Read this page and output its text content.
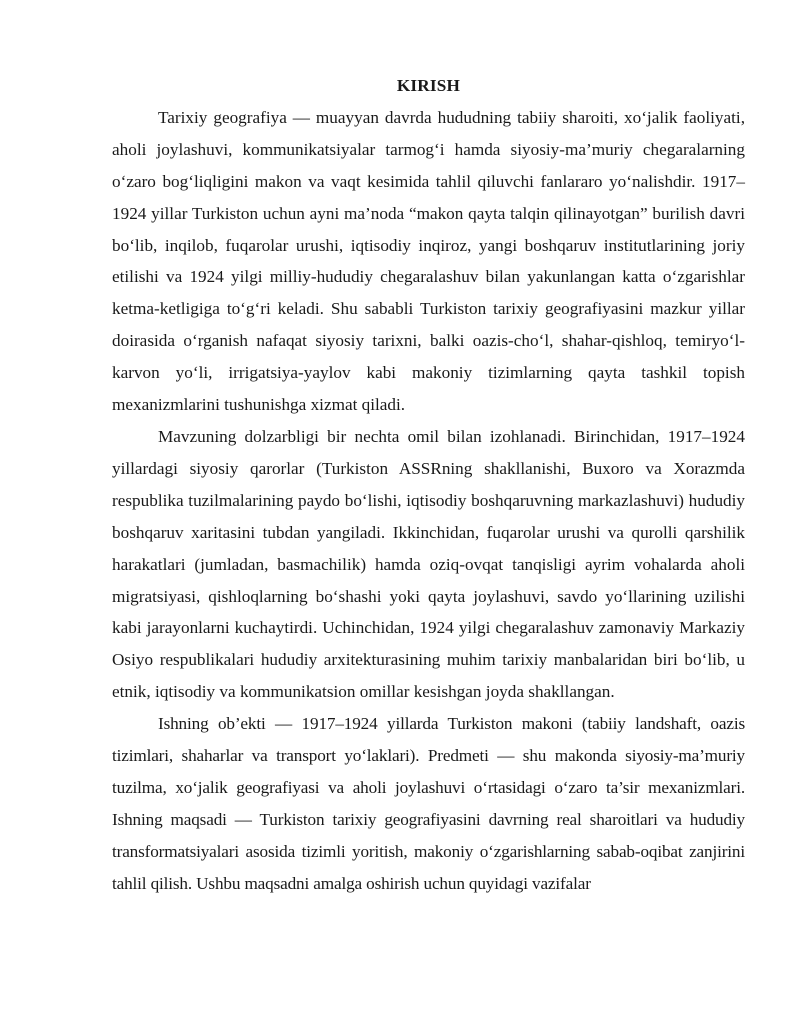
KIRISH

Tarixiy geografiya — muayyan davrda hududning tabiiy sharoiti, xo‘jalik faoliyati, aholi joylashuvi, kommunikatsiyalar tarmog‘i hamda siyosiy-ma’muriy chegaralarning o‘zaro bog‘liqligini makon va vaqt kesimida tahlil qiluvchi fanlararo yo‘nalishdir. 1917–1924 yillar Turkiston uchun ayni ma’noda “makon qayta talqin qilinayotgan” burilish davri bo‘lib, inqilob, fuqarolar urushi, iqtisodiy inqiroz, yangi boshqaruv institutlarining joriy etilishi va 1924 yilgi milliy-hududiy chegaralashuv bilan yakunlangan katta o‘zgarishlar ketma-ketligiga to‘g‘ri keladi. Shu sababli Turkiston tarixiy geografiyasini mazkur yillar doirasida o‘rganish nafaqat siyosiy tarixni, balki oazis-cho‘l, shahar-qishloq, temiryo‘l-karvon yo‘li, irrigatsiya-yaylov kabi makoniy tizimlarning qayta tashkil topish mexanizmlarini tushunishga xizmat qiladi.

Mavzuning dolzarbligi bir nechta omil bilan izohlanadi. Birinchidan, 1917–1924 yillardagi siyosiy qarorlar (Turkiston ASSRning shakllanishi, Buxoro va Xorazmda respublika tuzilmalarining paydo bo‘lishi, iqtisodiy boshqaruvning markazlashuvi) hududiy boshqaruv xaritasini tubdan yangiladi. Ikkinchidan, fuqarolar urushi va qurolli qarshilik harakatlari (jumladan, basmachilik) hamda oziq-ovqat tanqisligi ayrim vohalarda aholi migratsiyasi, qishloqlarning bo‘shashi yoki qayta joylashuvi, savdo yo‘llarining uzilishi kabi jarayonlarni kuchaytirdi. Uchinchidan, 1924 yilgi chegaralashuv zamonaviy Markaziy Osiyo respublikalari hududiy arxitekturasining muhim tarixiy manbalaridan biri bo‘lib, u etnik, iqtisodiy va kommunikatsion omillar kesishgan joyda shakllangan.

Ishning ob’ekti — 1917–1924 yillarda Turkiston makoni (tabiiy landshaft, oazis tizimlari, shaharlar va transport yo‘laklari). Predmeti — shu makonda siyosiy-ma’muriy tuzilma, xo‘jalik geografiyasi va aholi joylashuvi o‘rtasidagi o‘zaro ta’sir mexanizmlari. Ishning maqsadi — Turkiston tarixiy geografiyasini davrning real sharoitlari va hududiy transformatsiyalari asosida tizimli yoritish, makoniy o‘zgarishlarning sabab-oqibat zanjirini tahlil qilish. Ushbu maqsadni amalga oshirish uchun quyidagi vazifalar
